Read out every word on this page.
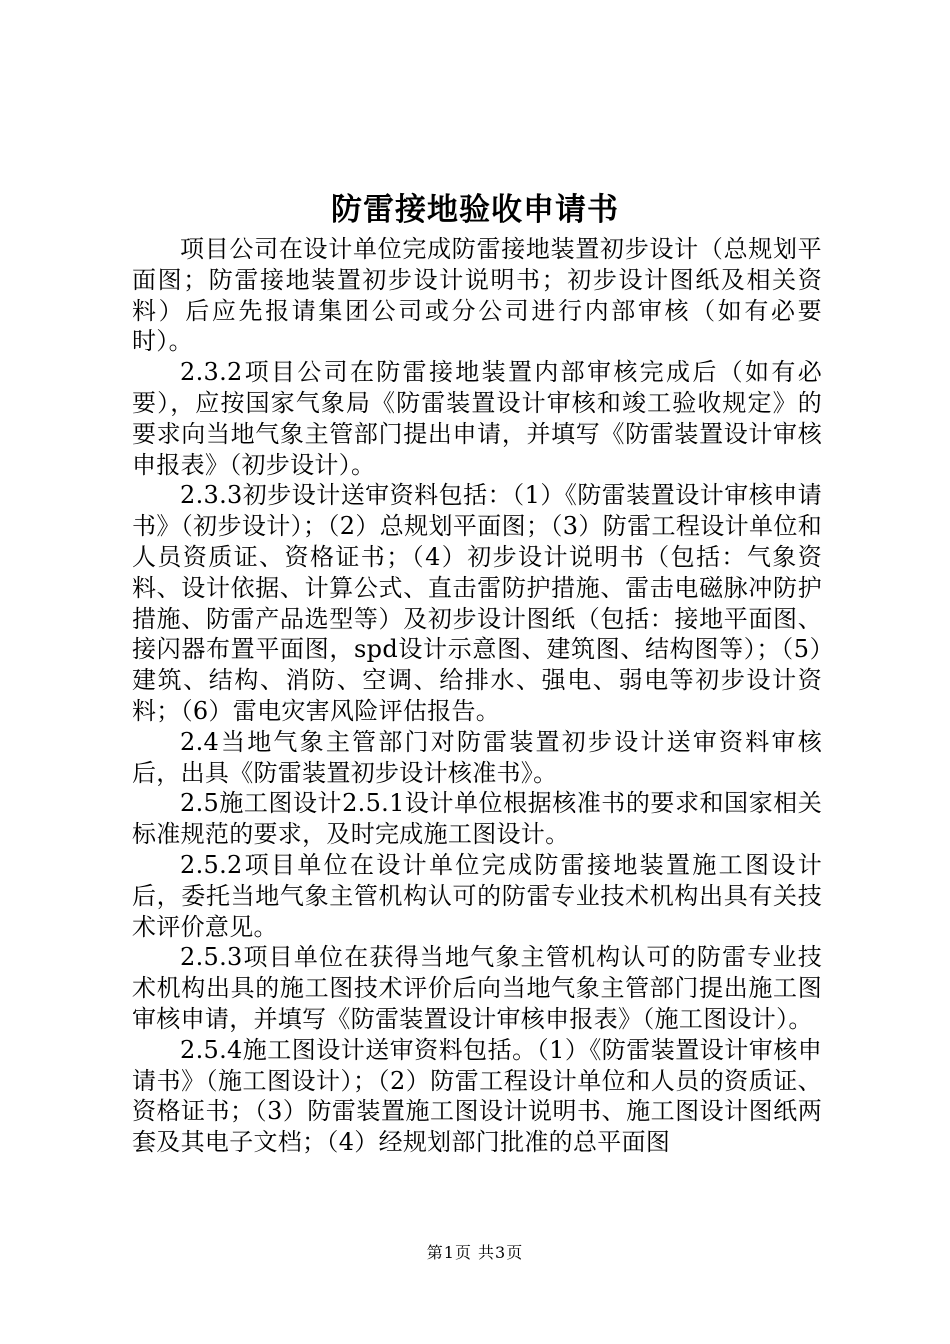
防雷接地验收申请书

项目公司在设计单位完成防雷接地装置初步设计（总规划平面图；防雷接地装置初步设计说明书；初步设计图纸及相关资料）后应先报请集团公司或分公司进行内部审核（如有必要时）。

2.3.2项目公司在防雷接地装置内部审核完成后（如有必要），应按国家气象局《防雷装置设计审核和竣工验收规定》的要求向当地气象主管部门提出申请，并填写《防雷装置设计审核申报表》（初步设计）。

2.3.3初步设计送审资料包括：（1）《防雷装置设计审核申请书》（初步设计）；（2）总规划平面图；（3）防雷工程设计单位和人员资质证、资格证书；（4）初步设计说明书（包括：气象资料、设计依据、计算公式、直击雷防护措施、雷击电磁脉冲防护措施、防雷产品选型等）及初步设计图纸（包括：接地平面图、接闪器布置平面图，spd设计示意图、建筑图、结构图等）；（5）建筑、结构、消防、空调、给排水、强电、弱电等初步设计资料；（6）雷电灾害风险评估报告。

2.4当地气象主管部门对防雷装置初步设计送审资料审核后，出具《防雷装置初步设计核准书》。

2.5施工图设计2.5.1设计单位根据核准书的要求和国家相关标准规范的要求，及时完成施工图设计。

2.5.2项目单位在设计单位完成防雷接地装置施工图设计后，委托当地气象主管机构认可的防雷专业技术机构出具有关技术评价意见。

2.5.3项目单位在获得当地气象主管机构认可的防雷专业技术机构出具的施工图技术评价后向当地气象主管部门提出施工图审核申请，并填写《防雷装置设计审核申报表》（施工图设计）。

2.5.4施工图设计送审资料包括。（1）《防雷装置设计审核申请书》（施工图设计）；（2）防雷工程设计单位和人员的资质证、资格证书；（3）防雷装置施工图设计说明书、施工图设计图纸两套及其电子文档；（4）经规划部门批准的总平面图

第1页 共3页
